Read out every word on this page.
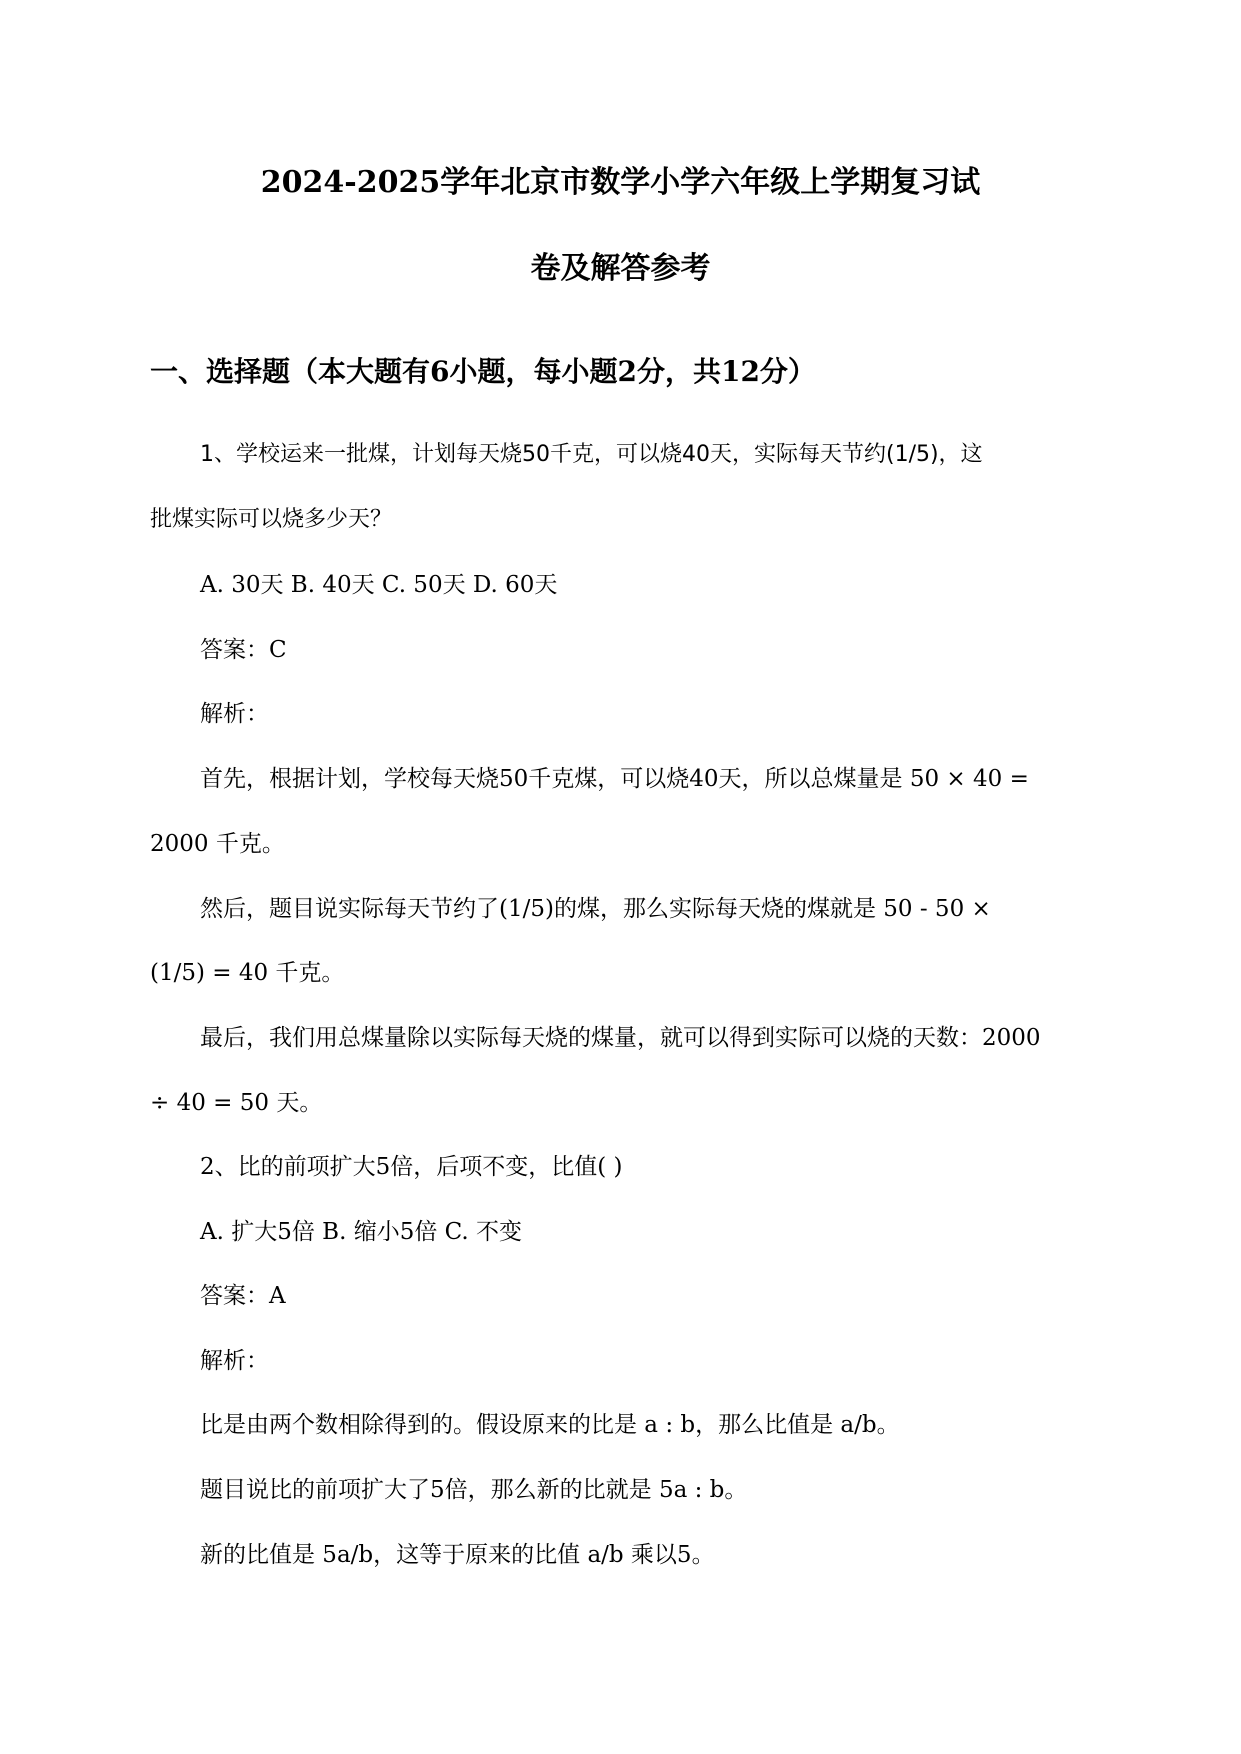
2024-2025学年北京市数学小学六年级上学期复习试
卷及解答参考
一、选择题（本大题有6小题，每小题2分，共12分）
1、学校运来一批煤，计划每天烧50千克，可以烧40天，实际每天节约(1/5)，这
批煤实际可以烧多少天？
A. 30天 B. 40天 C. 50天 D. 60天
答案：C
解析：
首先，根据计划，学校每天烧50千克煤，可以烧40天，所以总煤量是 50 × 40 =
2000 千克。
然后，题目说实际每天节约了(1/5)的煤，那么实际每天烧的煤就是 50 - 50 ×
(1/5) = 40 千克。
最后，我们用总煤量除以实际每天烧的煤量，就可以得到实际可以烧的天数：2000
÷ 40 = 50 天。
2、比的前项扩大5倍，后项不变，比值( )
A. 扩大5倍 B. 缩小5倍 C. 不变
答案：A
解析：
比是由两个数相除得到的。假设原来的比是 a : b，那么比值是 a/b。
题目说比的前项扩大了5倍，那么新的比就是 5a : b。
新的比值是 5a/b，这等于原来的比值 a/b 乘以5。
